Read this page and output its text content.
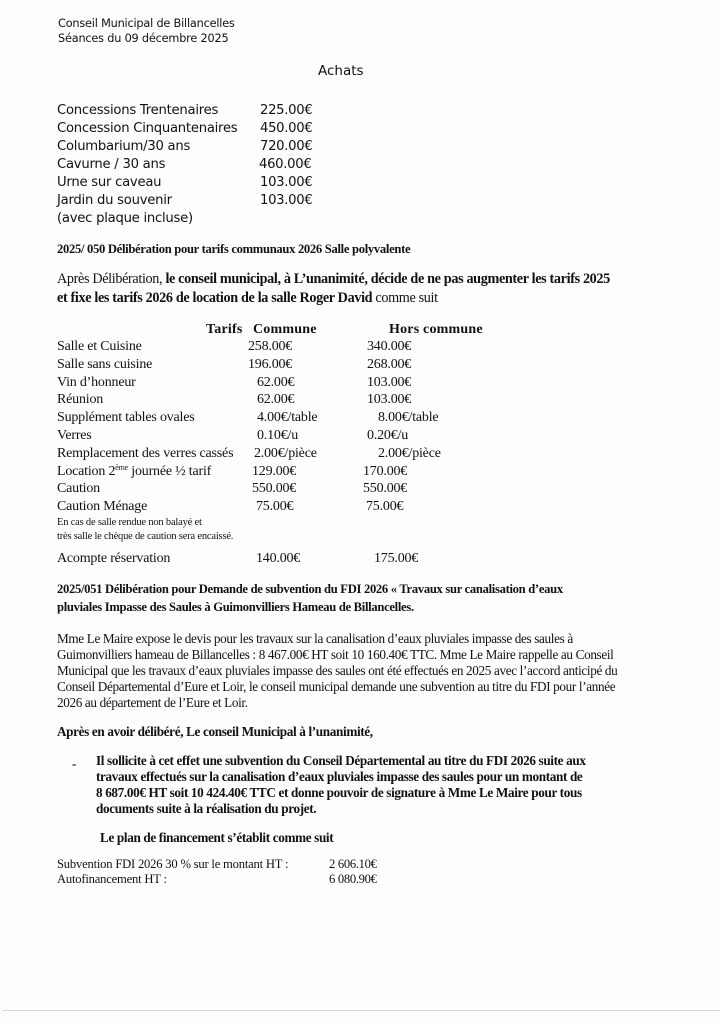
Conseil Municipal de Billancelles
Séances du 09 décembre 2025
Achats
Concessions Trentenaires	225.00€
Concession Cinquantenaires 450.00€
Columbarium/30 ans	720.00€
Cavurne / 30 ans	460.00€
Urne sur caveau	103.00€
Jardin du souvenir	103.00€
(avec plaque incluse)
2025/ 050 Délibération pour tarifs communaux 2026 Salle polyvalente
Après Délibération, le conseil municipal, à L’unanimité, décide de ne pas augmenter les tarifs 2025
et fixe les tarifs 2026 de location de la salle Roger David comme suit
Tarifs Commune	Hors commune
Salle et Cuisine	258.00€	340.00€
Salle sans cuisine	196.00€	268.00€
Vin d’honneur	62.00€	103.00€
Réunion	62.00€	103.00€
Supplément tables ovales	4.00€/table	8.00€/table
Verres	0.10€/u	0.20€/u
Remplacement des verres cassés 2.00€/pièce	2.00€/pièce
Location 2ème journée ½ tarif	129.00€	170.00€
Caution	550.00€	550.00€
Caution Ménage	75.00€	75.00€
En cas de salle rendue non balayé et
très salle le chèque de caution sera encaissé.
Acompte réservation	140.00€	175.00€
2025/051 Délibération pour Demande de subvention du FDI 2026 « Travaux sur canalisation d’eaux
pluviales Impasse des Saules à Guimonvilliers Hameau de Billancelles.
Mme Le Maire expose le devis pour les travaux sur la canalisation d’eaux pluviales impasse des saules à
Guimonvilliers hameau de Billancelles : 8 467.00€ HT soit 10 160.40€ TTC. Mme Le Maire rappelle au Conseil
Municipal que les travaux d’eaux pluviales impasse des saules ont été effectués en 2025 avec l’accord anticipé du
Conseil Départemental d’Eure et Loir, le conseil municipal demande une subvention au titre du FDI pour l’année
2026 au département de l’Eure et Loir.
Après en avoir délibéré, Le conseil Municipal à l’unanimité,
- Il sollicite à cet effet une subvention du Conseil Départemental au titre du FDI 2026 suite aux
travaux effectués sur la canalisation d’eaux pluviales impasse des saules pour un montant de
8 687.00€ HT soit 10 424.40€ TTC et donne pouvoir de signature à Mme Le Maire pour tous
documents suite à la réalisation du projet.
Le plan de financement s’établit comme suit
Subvention FDI 2026 30 % sur le montant HT :	2 606.10€
Autofinancement HT :	6 080.90€
